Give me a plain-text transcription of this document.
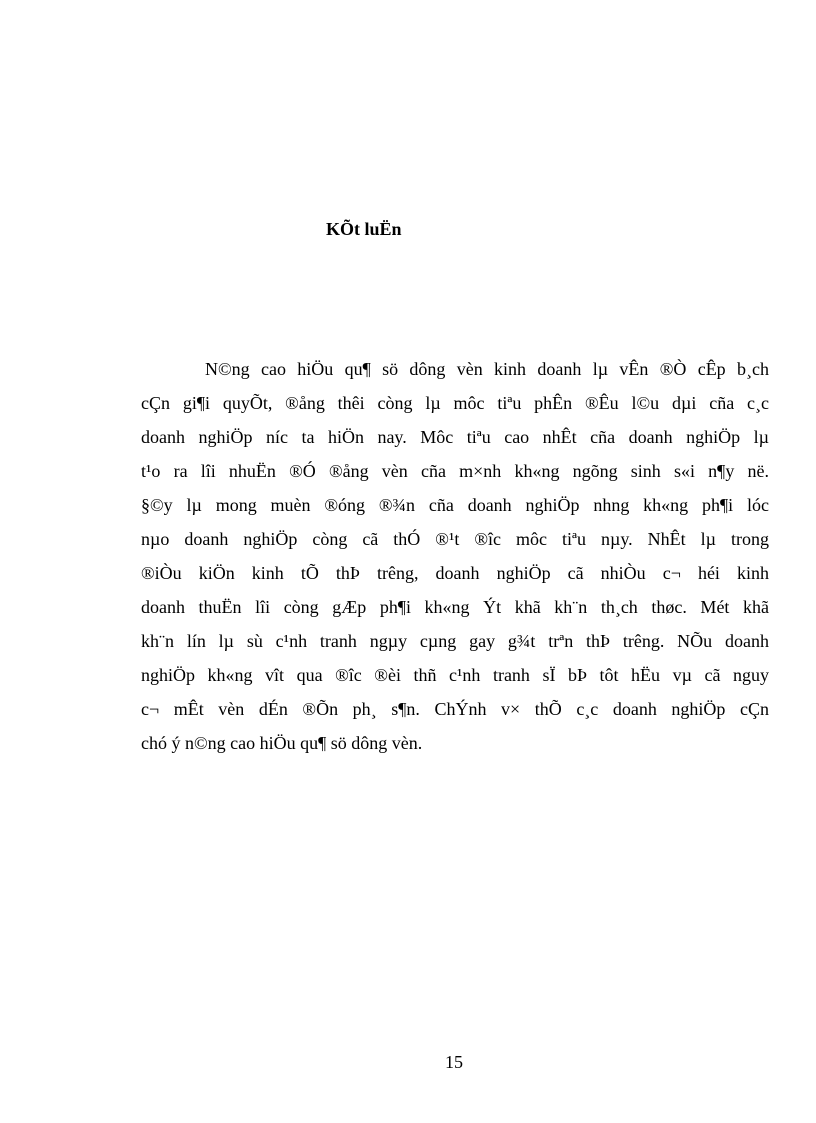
KÕt luËn
N©ng cao hiÖu qu¶ sö dông vèn kinh doanh lµ vÊn ®Ò cÊp b¸ch
cÇn gi¶i quyÕt, ®ång thêi còng lµ môc tiªu phÊn ®Êu l©u dµi cña c¸c
doanh nghiÖp níc ta hiÖn nay. Môc tiªu cao nhÊt cña doanh nghiÖp lµ
t¹o ra lîi nhuËn ®Ó ®ång vèn cña m×nh kh«ng ngõng sinh s«i n¶y në.
§©y lµ mong muèn ®óng ®¾n cña doanh nghiÖp nhng kh«ng ph¶i lóc
nµo doanh nghiÖp còng cã thÓ ®¹t ®îc môc tiªu nµy. NhÊt lµ trong
®iÒu kiÖn kinh tÕ thÞ trêng, doanh nghiÖp cã nhiÒu c¬ héi kinh
doanh thuËn lîi còng gÆp ph¶i kh«ng Ýt khã kh¨n th¸ch thøc. Mét khã
kh¨n lín lµ sù c¹nh tranh ngµy cµng gay g¾t trªn thÞ trêng. NÕu doanh
nghiÖp kh«ng vît qua ®îc ®èi thñ c¹nh tranh sÏ bÞ tôt hËu vµ cã nguy
c¬ mÊt vèn dÉn ®Õn ph¸ s¶n. ChÝnh v× thÕ c¸c doanh nghiÖp cÇn
chó ý n©ng cao hiÖu qu¶ sö dông vèn.
15
